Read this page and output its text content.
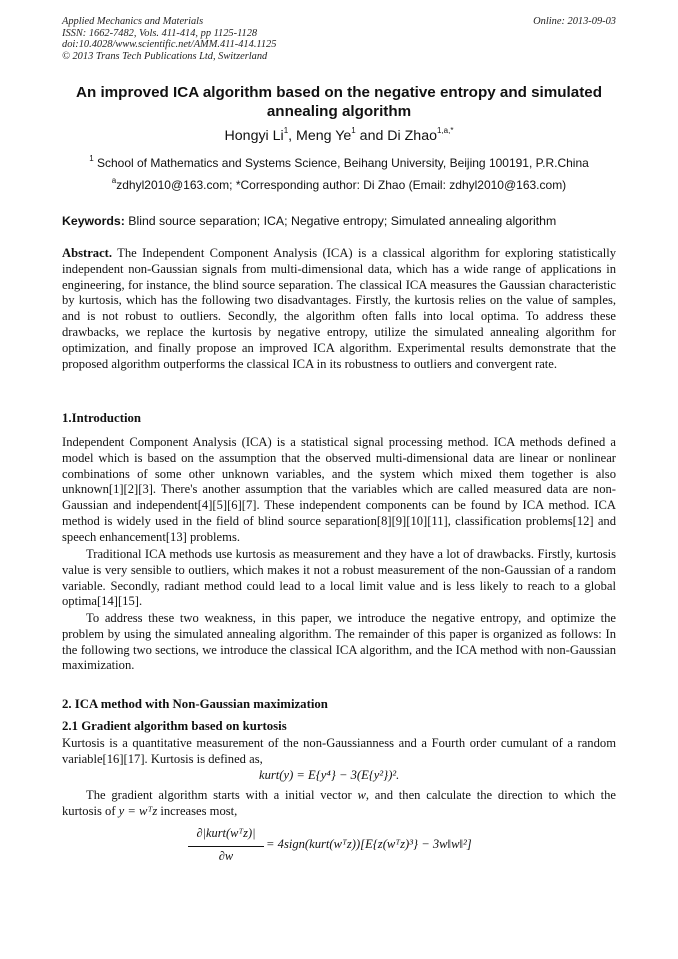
Applied Mechanics and Materials
ISSN: 1662-7482, Vols. 411-414, pp 1125-1128
doi:10.4028/www.scientific.net/AMM.411-414.1125
© 2013 Trans Tech Publications Ltd, Switzerland
Online: 2013-09-03
An improved ICA algorithm based on the negative entropy and simulated annealing algorithm
Hongyi Li$^1$, Meng Ye$^1$ and Di Zhao$^{1,a,*}$
$^1$ School of Mathematics and Systems Science, Beihang University, Beijing 100191, P.R.China
$^a$zdhyl2010@163.com; *Corresponding author: Di Zhao (Email: zdhyl2010@163.com)
Keywords: Blind source separation; ICA; Negative entropy; Simulated annealing algorithm
Abstract. The Independent Component Analysis (ICA) is a classical algorithm for exploring statistically independent non-Gaussian signals from multi-dimensional data, which has a wide range of applications in engineering, for instance, the blind source separation. The classical ICA measures the Gaussian characteristic by kurtosis, which has the following two disadvantages. Firstly, the kurtosis relies on the value of samples, and is not robust to outliers. Secondly, the algorithm often falls into local optima. To address these drawbacks, we replace the kurtosis by negative entropy, utilize the simulated annealing algorithm for optimization, and finally propose an improved ICA algorithm. Experimental results demonstrate that the proposed algorithm outperforms the classical ICA in its robustness to outliers and convergent rate.
1.Introduction
Independent Component Analysis (ICA) is a statistical signal processing method. ICA methods defined a model which is based on the assumption that the observed multi-dimensional data are linear or nonlinear combinations of some other unknown variables, and the system which mixed them together is also unknown[1][2][3]. There's another assumption that the variables which are called measured data are non-Gaussian and independent[4][5][6][7]. These independent components can be found by ICA method. ICA method is widely used in the field of blind source separation[8][9][10][11], classification problems[12] and speech enhancement[13] problems.
Traditional ICA methods use kurtosis as measurement and they have a lot of drawbacks. Firstly, kurtosis value is very sensible to outliers, which makes it not a robust measurement of the non-Gaussian of a random variable. Secondly, radiant method could lead to a local limit value and is less likely to reach to a global optima[14][15].
To address these two weakness, in this paper, we introduce the negative entropy, and optimize the problem by using the simulated annealing algorithm. The remainder of this paper is organized as follows: In the following two sections, we introduce the classical ICA algorithm, and the ICA method with non-Gaussian maximization.
2. ICA method with Non-Gaussian maximization
2.1 Gradient algorithm based on kurtosis
Kurtosis is a quantitative measurement of the non-Gaussianness and a Fourth order cumulant of a random variable[16][17]. Kurtosis is defined as,
kurt(y) = E{y⁴} − 3(E{y²})².
The gradient algorithm starts with a initial vector w, and then calculate the direction to which the kurtosis of y = wᵀz increases most,
∂|kurt(wᵀz)|
∂w
= 4sign(kurt(wᵀz))[E{z(wᵀz)³} − 3w‖w‖²]
